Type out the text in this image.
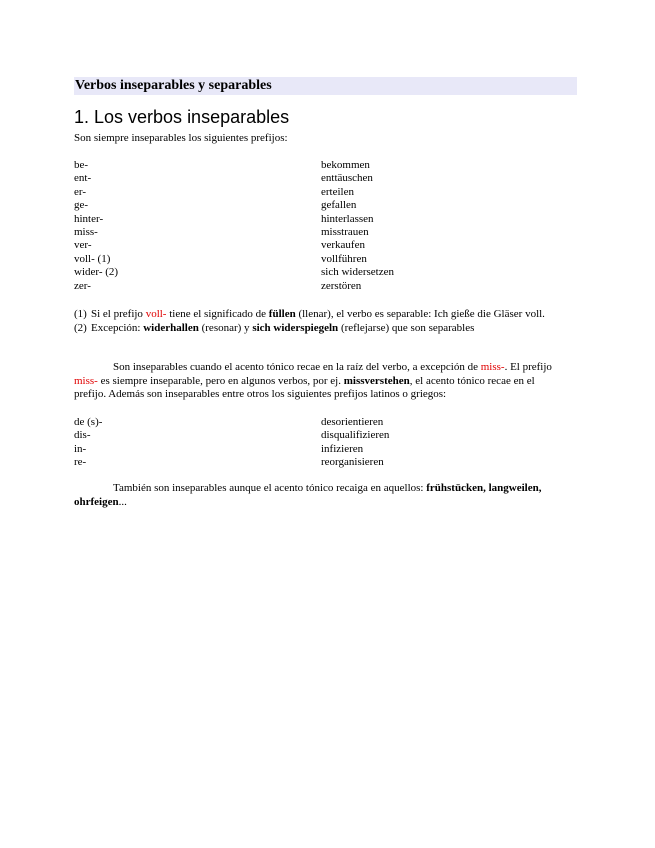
Verbos inseparables y separables
1. Los verbos inseparables
Son siempre inseparables los siguientes prefijos:
be-	bekommen
ent-	enttäuschen
er-	erteilen
ge-	gefallen
hinter-	hinterlassen
miss-	misstrauen
ver-	verkaufen
voll- (1)	vollführen
wider- (2)	sich widersetzen
zer-	zerstören
(1) Si el prefijo voll- tiene el significado de füllen (llenar), el verbo es separable: Ich gieße die Gläser voll.
(2) Excepción: widerhallen (resonar) y sich widerspiegeln (reflejarse) que son separables
Son inseparables cuando el acento tónico recae en la raíz del verbo, a excepción de miss-. El prefijo miss- es siempre inseparable, pero en algunos verbos, por ej. missverstehen, el acento tónico recae en el prefijo. Además son inseparables entre otros los siguientes prefijos latinos o griegos:
de (s)-	desorientieren
dis-	disqualifizieren
in-	infizieren
re-	reorganisieren
También son inseparables aunque el acento tónico recaiga en aquellos: frühstücken, langweilen, ohrfeigen...
